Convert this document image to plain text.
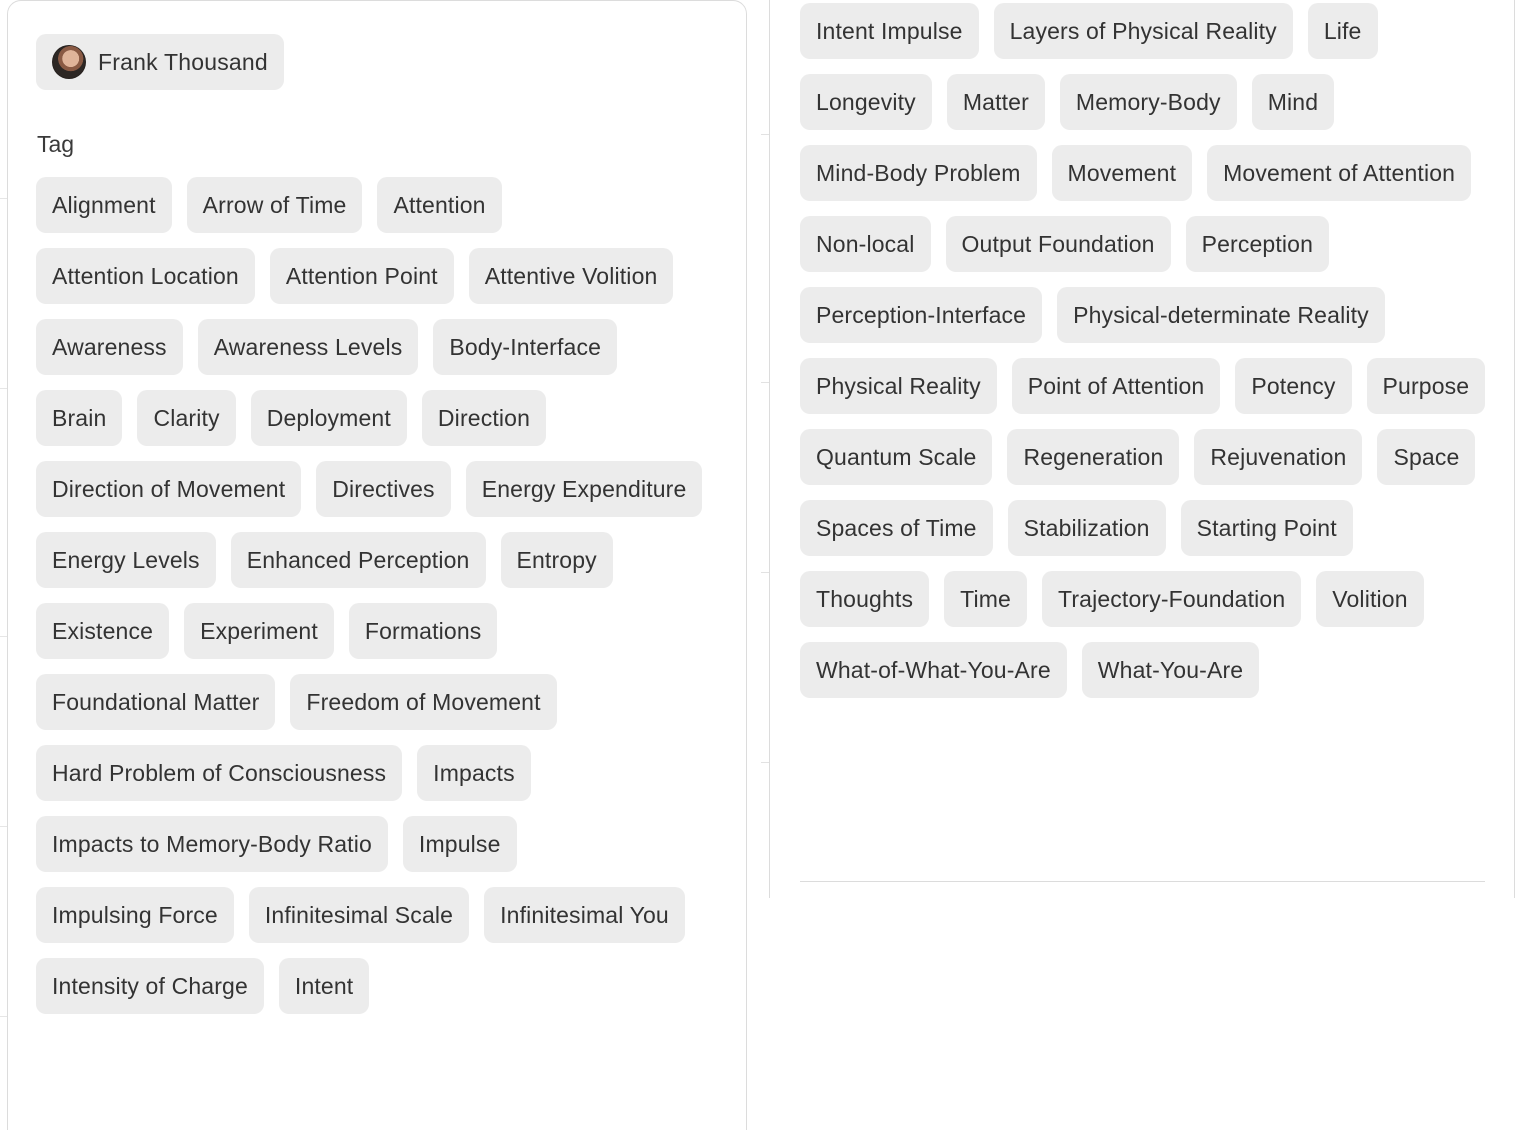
Frank Thousand
Tag
Alignment	Arrow of Time	Attention
Attention Location	Attention Point	Attentive Volition
Awareness	Awareness Levels	Body-Interface
Brain	Clarity	Deployment	Direction
Direction of Movement	Directives	Energy Expenditure
Energy Levels	Enhanced Perception	Entropy
Existence	Experiment	Formations
Foundational Matter	Freedom of Movement
Hard Problem of Consciousness	Impacts
Impacts to Memory-Body Ratio	Impulse
Impulsing Force	Infinitesimal Scale	Infinitesimal You
Intensity of Charge	Intent
Intent Impulse	Layers of Physical Reality	Life
Longevity	Matter	Memory-Body	Mind
Mind-Body Problem	Movement	Movement of Attention
Non-local	Output Foundation	Perception
Perception-Interface	Physical-determinate Reality
Physical Reality	Point of Attention	Potency	Purpose
Quantum Scale	Regeneration	Rejuvenation	Space
Spaces of Time	Stabilization	Starting Point
Thoughts	Time	Trajectory-Foundation	Volition
What-of-What-You-Are	What-You-Are
